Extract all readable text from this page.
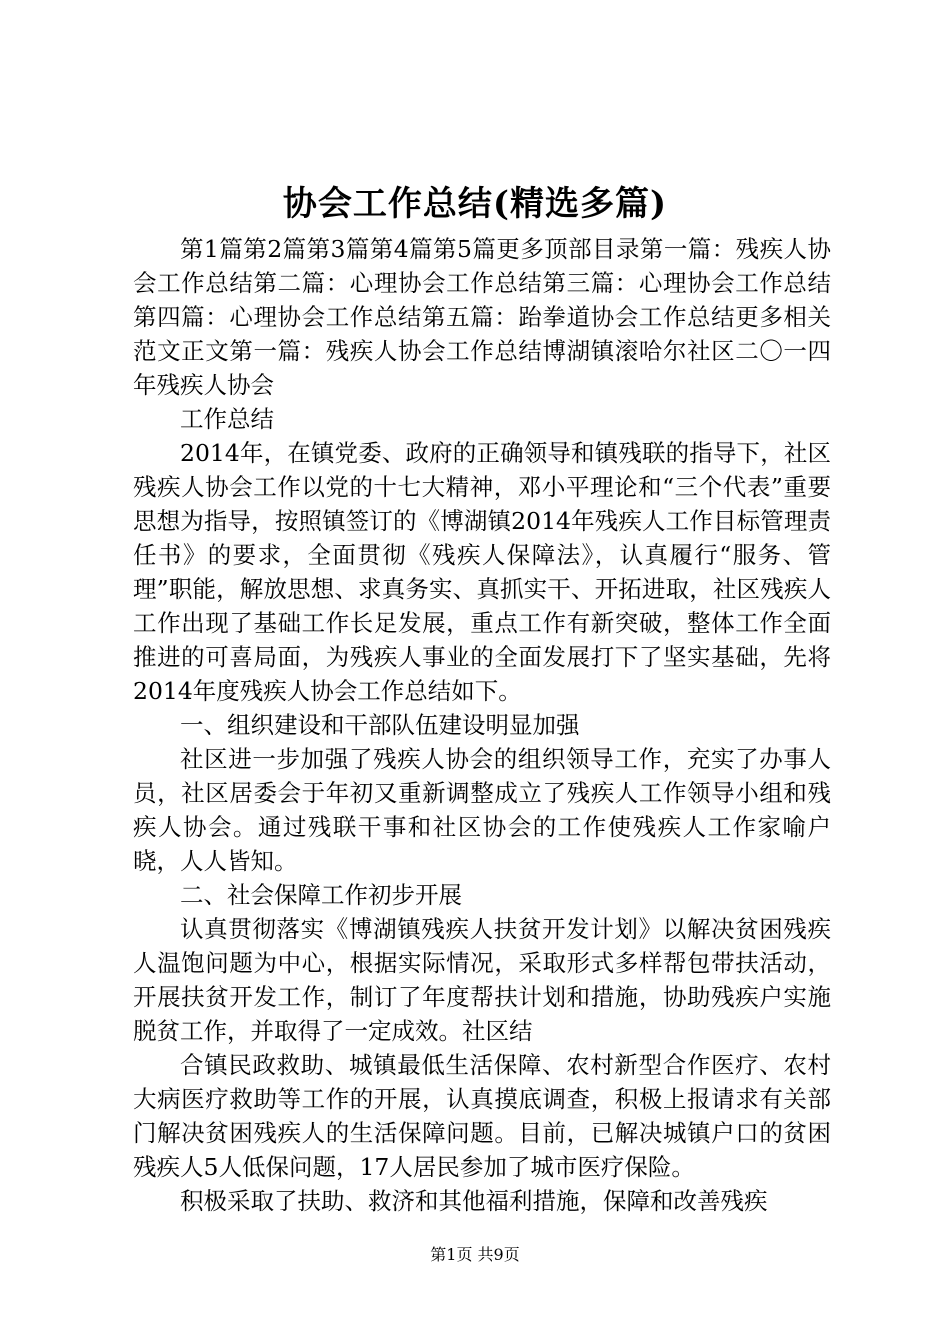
协会工作总结(精选多篇)

第1篇第2篇第3篇第4篇第5篇更多顶部目录第一篇：残疾人协会工作总结第二篇：心理协会工作总结第三篇：心理协会工作总结第四篇：心理协会工作总结第五篇：跆拳道协会工作总结更多相关范文正文第一篇：残疾人协会工作总结博湖镇滚哈尔社区二〇一四年残疾人协会

工作总结

2014年，在镇党委、政府的正确领导和镇残联的指导下，社区残疾人协会工作以党的十七大精神，邓小平理论和“三个代表”重要思想为指导，按照镇签订的《博湖镇2014年残疾人工作目标管理责任书》的要求，全面贯彻《残疾人保障法》，认真履行“服务、管理”职能，解放思想、求真务实、真抓实干、开拓进取，社区残疾人工作出现了基础工作长足发展，重点工作有新突破，整体工作全面推进的可喜局面，为残疾人事业的全面发展打下了坚实基础，先将2014年度残疾人协会工作总结如下。

一、组织建设和干部队伍建设明显加强

社区进一步加强了残疾人协会的组织领导工作，充实了办事人员，社区居委会于年初又重新调整成立了残疾人工作领导小组和残疾人协会。通过残联干事和社区协会的工作使残疾人工作家喻户晓，人人皆知。

二、社会保障工作初步开展

认真贯彻落实《博湖镇残疾人扶贫开发计划》以解决贫困残疾人温饱问题为中心，根据实际情况，采取形式多样帮包带扶活动，开展扶贫开发工作，制订了年度帮扶计划和措施，协助残疾户实施脱贫工作，并取得了一定成效。社区结

合镇民政救助、城镇最低生活保障、农村新型合作医疗、农村大病医疗救助等工作的开展，认真摸底调查，积极上报请求有关部门解决贫困残疾人的生活保障问题。目前，已解决城镇户口的贫困残疾人5人低保问题，17人居民参加了城市医疗保险。

积极采取了扶助、救济和其他福利措施，保障和改善残疾

第1页 共9页
